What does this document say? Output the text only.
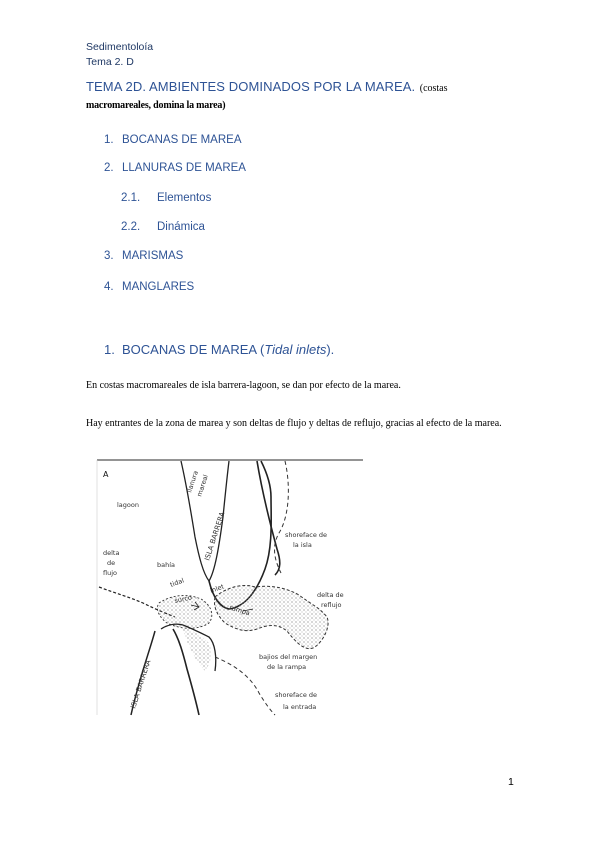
Sedimentoloía
Tema 2. D
TEMA 2D. AMBIENTES DOMINADOS POR LA MAREA. (costas
macromareales, domina la marea)
1. BOCANAS DE MAREA
2. LLANURAS DE MAREA
2.1. Elementos
2.2. Dinámica
3. MARISMAS
4. MANGLARES
1. BOCANAS DE MAREA (Tidal inlets).
En costas macromareales de isla barrera-lagoon, se dan por efecto de la marea.
Hay entrantes de la zona de marea y son deltas de flujo y deltas de reflujo, gracias al efecto de la marea.
A
lagoon
llanura
mareal
ISLA BARRERA	shoreface de
la isla
delta
de
flujo
bahía
tidal	inlet
surco
rampa
delta de
reflujo
bajios del margen
de la rampa
shoreface de
la entrada
ISLA BARRERA
1
